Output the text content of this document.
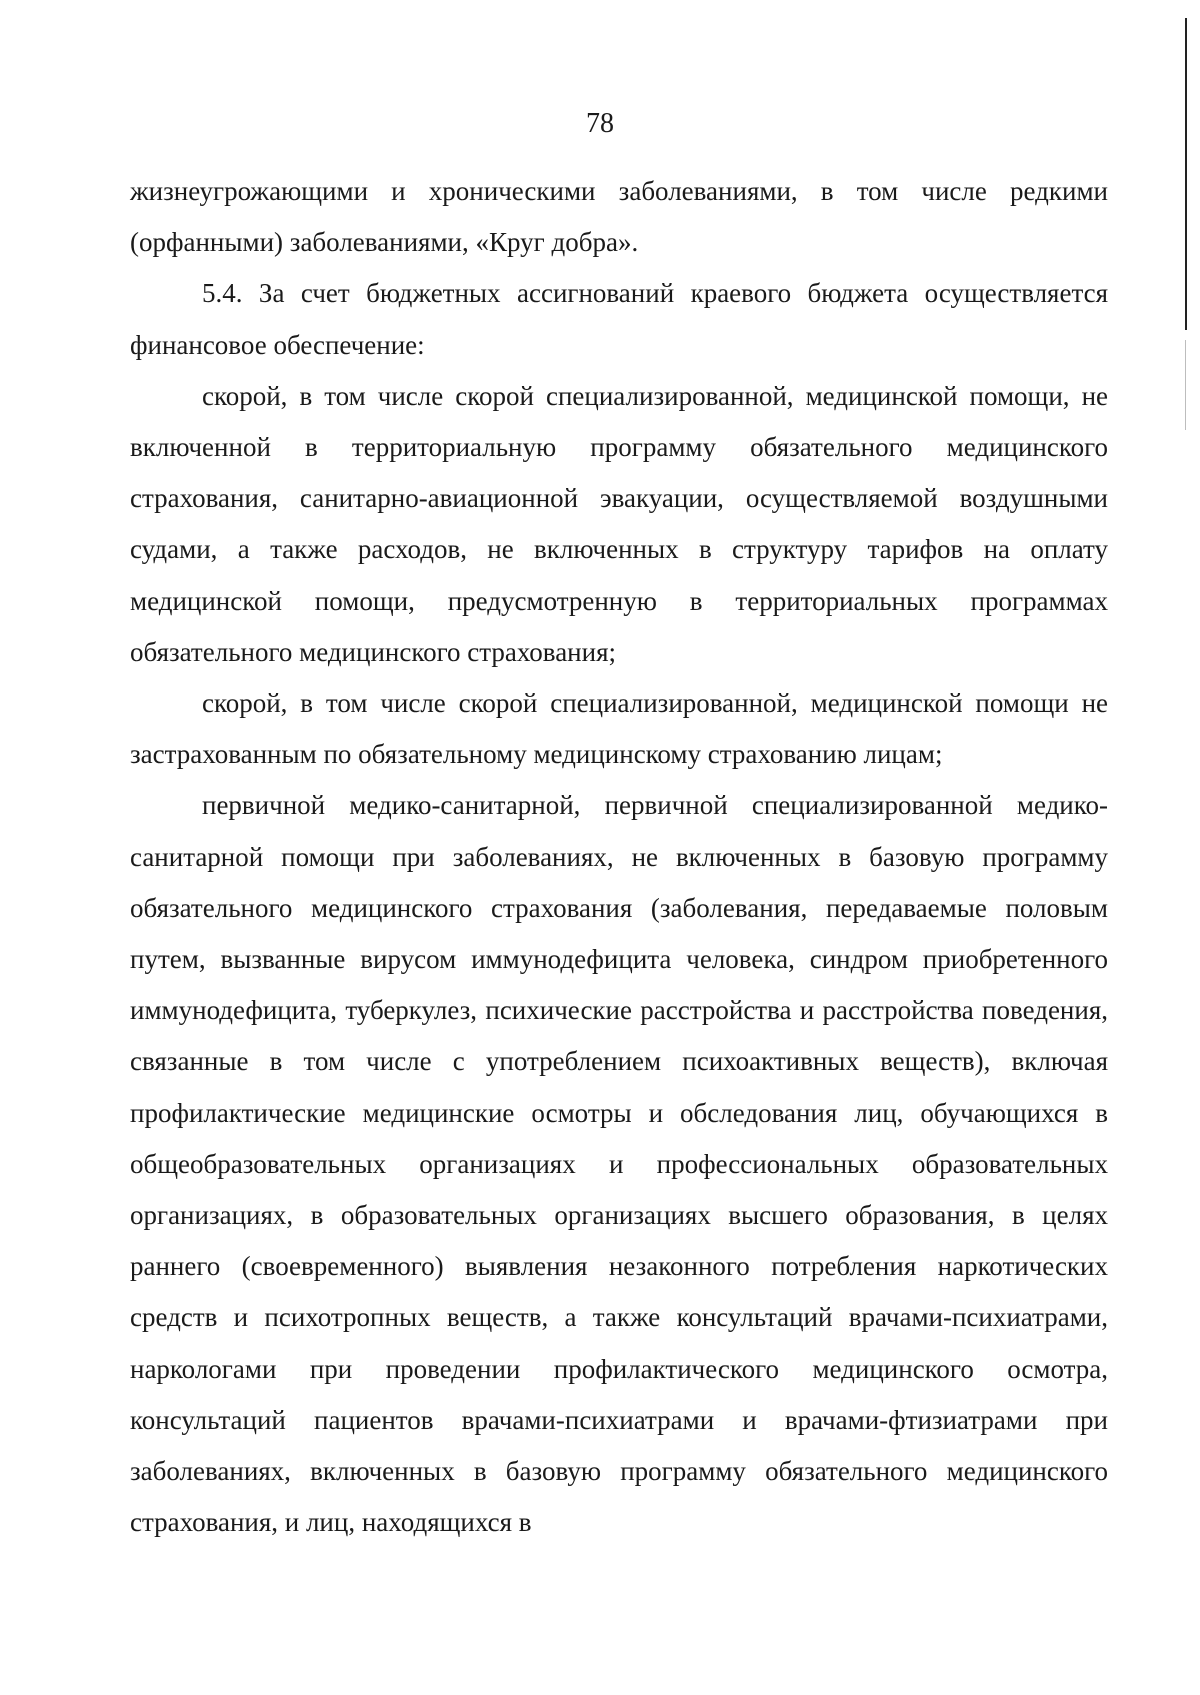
78

жизнеугрожающими и хроническими заболеваниями, в том числе редкими (орфанными) заболеваниями, «Круг добра».

5.4. За счет бюджетных ассигнований краевого бюджета осуществляется финансовое обеспечение:

скорой, в том числе скорой специализированной, медицинской помощи, не включенной в территориальную программу обязательного медицинского страхования, санитарно-авиационной эвакуации, осуществляемой воздушными судами, а также расходов, не включенных в структуру тарифов на оплату медицинской помощи, предусмотренную в территориальных программах обязательного медицинского страхования;

скорой, в том числе скорой специализированной, медицинской помощи не застрахованным по обязательному медицинскому страхованию лицам;

первичной медико-санитарной, первичной специализированной медико-санитарной помощи при заболеваниях, не включенных в базовую программу обязательного медицинского страхования (заболевания, передаваемые половым путем, вызванные вирусом иммунодефицита человека, синдром приобретенного иммунодефицита, туберкулез, психические расстройства и расстройства поведения, связанные в том числе с употреблением психоактивных веществ), включая профилактические медицинские осмотры и обследования лиц, обучающихся в общеобразовательных организациях и профессиональных образовательных организациях, в образовательных организациях высшего образования, в целях раннего (своевременного) выявления незаконного потребления наркотических средств и психотропных веществ, а также консультаций врачами-психиатрами, наркологами при проведении профилактического медицинского осмотра, консультаций пациентов врачами-психиатрами и врачами-фтизиатрами при заболеваниях, включенных в базовую программу обязательного медицинского страхования, и лиц, находящихся в
